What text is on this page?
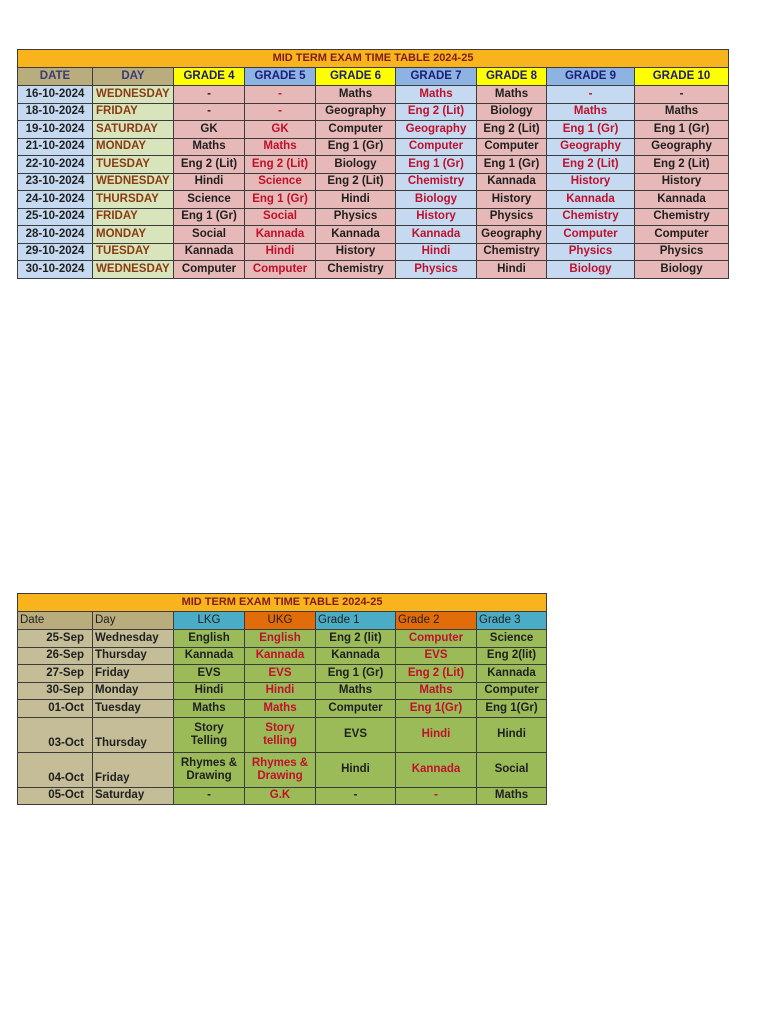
MID TERM EXAM TIME TABLE 2024-25								
DATE	DAY	GRADE 4	GRADE 5	GRADE 6	GRADE 7	GRADE 8	GRADE 9	GRADE 10
16-10-2024	WEDNESDAY	-	-	Maths	Maths	Maths	-	-
18-10-2024	FRIDAY	-	-	Geography	Eng 2 (Lit)	Biology	Maths	Maths
19-10-2024	SATURDAY	GK	GK	Computer	Geography	Eng 2 (Lit)	Eng 1 (Gr)	Eng 1 (Gr)
21-10-2024	MONDAY	Maths	Maths	Eng 1 (Gr)	Computer	Computer	Geography	Geography
22-10-2024	TUESDAY	Eng 2 (Lit)	Eng 2 (Lit)	Biology	Eng 1 (Gr)	Eng 1 (Gr)	Eng 2 (Lit)	Eng 2 (Lit)
23-10-2024	WEDNESDAY	Hindi	Science	Eng 2 (Lit)	Chemistry	Kannada	History	History
24-10-2024	THURSDAY	Science	Eng 1 (Gr)	Hindi	Biology	History	Kannada	Kannada
25-10-2024	FRIDAY	Eng 1 (Gr)	Social	Physics	History	Physics	Chemistry	Chemistry
28-10-2024	MONDAY	Social	Kannada	Kannada	Kannada	Geography	Computer	Computer
29-10-2024	TUESDAY	Kannada	Hindi	History	Hindi	Chemistry	Physics	Physics
30-10-2024	WEDNESDAY	Computer	Computer	Chemistry	Physics	Hindi	Biology	Biology
MID TERM EXAM TIME TABLE 2024-25						
Date	Day	LKG	UKG	Grade 1	Grade 2	Grade 3
25-Sep	Wednesday	English	English	Eng 2 (lit)	Computer	Science
26-Sep	Thursday	Kannada	Kannada	Kannada	EVS	Eng 2(lit)
27-Sep	Friday	EVS	EVS	Eng 1 (Gr)	Eng 2 (Lit)	Kannada
30-Sep	Monday	Hindi	Hindi	Maths	Maths	Computer
01-Oct	Tuesday	Maths	Maths	Computer	Eng 1(Gr)	Eng 1(Gr)
03-Oct	Thursday	Story Telling	Story telling	EVS	Hindi	Hindi
04-Oct	Friday	Rhymes & Drawing	Rhymes & Drawing	Hindi	Kannada	Social
05-Oct	Saturday	-	G.K	-	-	Maths
